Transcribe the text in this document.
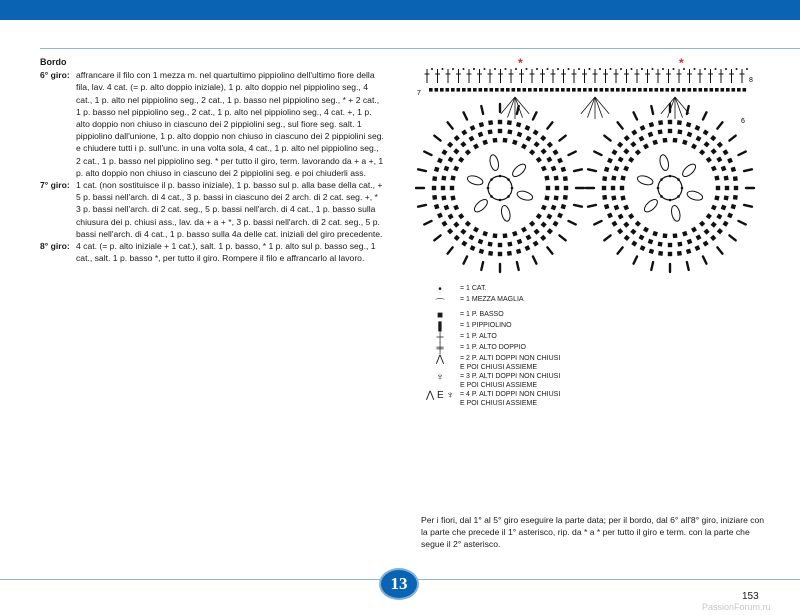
Bordo
6° giro: affrancare il filo con 1 mezza m. nel quartultimo pippiolino dell'ultimo fiore della fila, lav. 4 cat. (= p. alto doppio iniziale), 1 p. alto doppio nel pippiolino seg., 4 cat., 1 p. alto nel pippiolino seg., 2 cat., 1 p. basso nel pippiolino seg., * + 2 cat., 1 p. basso nel pippiolino seg., 2 cat., 1 p. alto nel pippiolino seg., 4 cat. +, 1 p. alto doppio non chiuso in ciascuno dei 2 pippiolini seg., sul fiore seg. salt. 1 pippiolino dall'unione, 1 p. alto doppio non chiuso in ciascuno dei 2 pippiolini seg. e chiudere tutti i p. sull'unc. in una volta sola, 4 cat., 1 p. alto nel pippiolino seg., 2 cat., 1 p. basso nel pippiolino seg. * per tutto il giro, term. lavorando da + a +, 1 p. alto doppio non chiuso in ciascuno dei 2 pippiolini seg. e poi chiuderli ass.
7° giro: 1 cat. (non sostituisce il p. basso iniziale), 1 p. basso sul p. alla base della cat., + 5 p. bassi nell'arch. di 4 cat., 3 p. bassi in ciascuno dei 2 arch. di 2 cat. seg. +, * 3 p. bassi nell'arch. di 2 cat. seg., 5 p. bassi nell'arch. di 4 cat., 1 p. basso sulla chiusura dei p. chiusi ass., lav. da + a + *, 3 p. bassi nell'arch. di 2 cat. seg., 5 p. bassi nell'arch. di 4 cat., 1 p. basso sulla 4a delle cat. iniziali del giro precedente.
8° giro: 4 cat. (= p. alto iniziale + 1 cat.), salt. 1 p. basso, * 1 p. alto sul p. basso seg., 1 cat., salt. 1 p. basso *, per tutto il giro. Rompere il filo e affrancarlo al lavoro.
8
7
6
*	*
•	= 1 CAT.
⌒	= 1 MEZZA MAGLIA
■	= 1 P. BASSO
❚	= 1 PIPPIOLINO
┼	= 1 P. ALTO
╪	= 1 P. ALTO DOPPIO
⋀	= 2 P. ALTI DOPPI NON CHIUSI
E POI CHIUSI ASSIEME
♆	= 3 P. ALTI DOPPI NON CHIUSI
E POI CHIUSI ASSIEME
⋀ E ♆ = 4 P. ALTI DOPPI NON CHIUSI
E POI CHIUSI ASSIEME
Per i fiori, dal 1° al 5° giro eseguire la parte data; per il bordo, dal 6° all'8° giro, iniziare con la parte che precede il 1° asterisco, rip. da * a * per tutto il giro e term. con la parte che segue il 2° asterisco.
13
153
PassionForum.ru
